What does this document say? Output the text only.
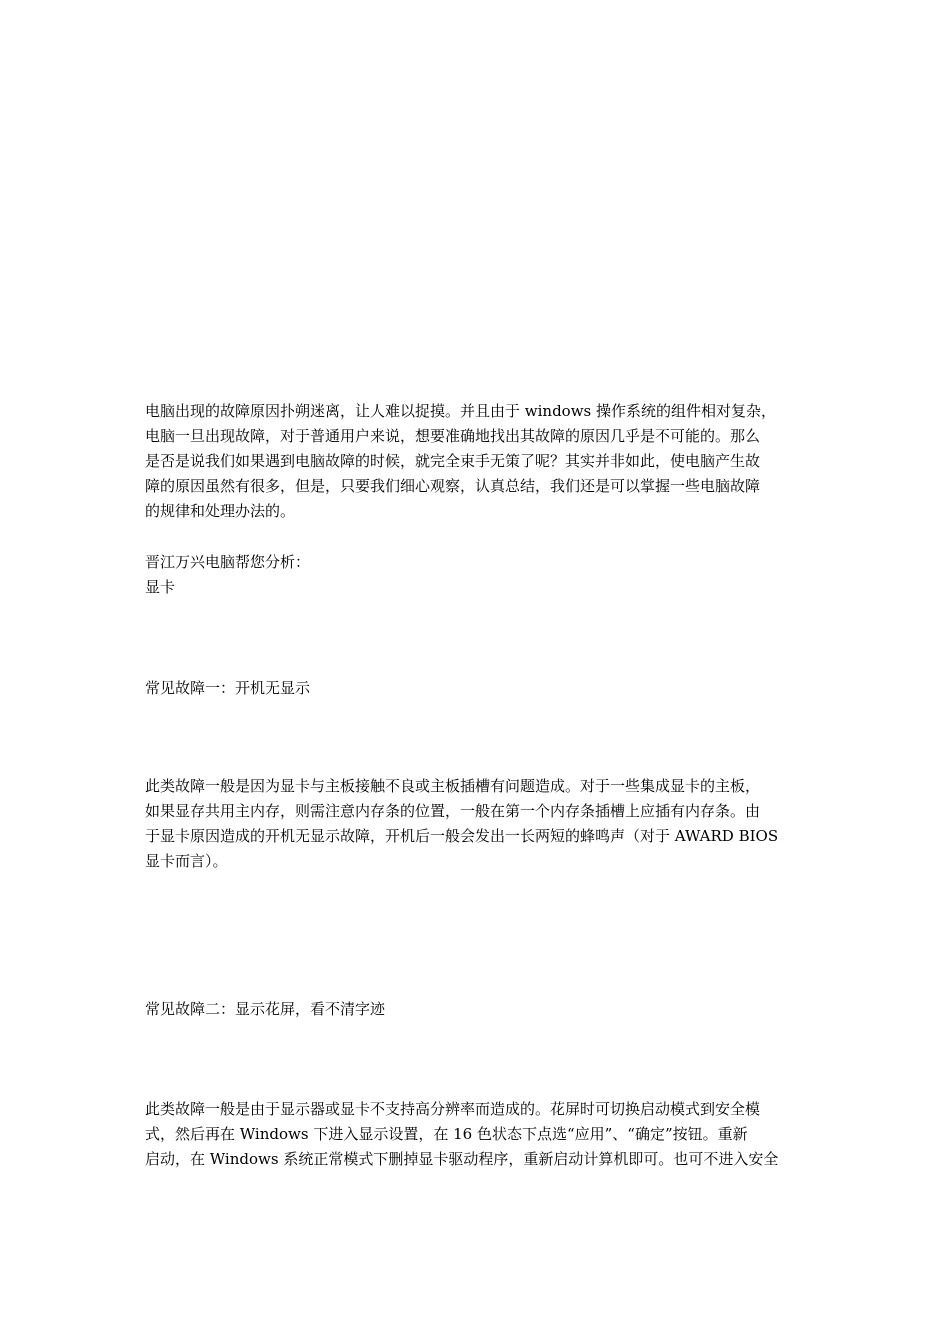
电脑出现的故障原因扑朔迷离，让人难以捉摸。并且由于 windows 操作系统的组件相对复杂，
电脑一旦出现故障，对于普通用户来说，想要准确地找出其故障的原因几乎是不可能的。那么
是否是说我们如果遇到电脑故障的时候，就完全束手无策了呢？其实并非如此，使电脑产生故
障的原因虽然有很多，但是，只要我们细心观察，认真总结，我们还是可以掌握一些电脑故障
的规律和处理办法的。
晋江万兴电脑帮您分析：
显卡
常见故障一：开机无显示
此类故障一般是因为显卡与主板接触不良或主板插槽有问题造成。对于一些集成显卡的主板，
如果显存共用主内存，则需注意内存条的位置，一般在第一个内存条插槽上应插有内存条。由
于显卡原因造成的开机无显示故障，开机后一般会发出一长两短的蜂鸣声（对于 AWARD BIOS
显卡而言）。
常见故障二：显示花屏，看不清字迹
此类故障一般是由于显示器或显卡不支持高分辨率而造成的。花屏时可切换启动模式到安全模
式，然后再在 Windows 下进入显示设置，在 16 色状态下点选“应用”、“确定”按钮。重新
启动，在 Windows 系统正常模式下删掉显卡驱动程序，重新启动计算机即可。也可不进入安全
